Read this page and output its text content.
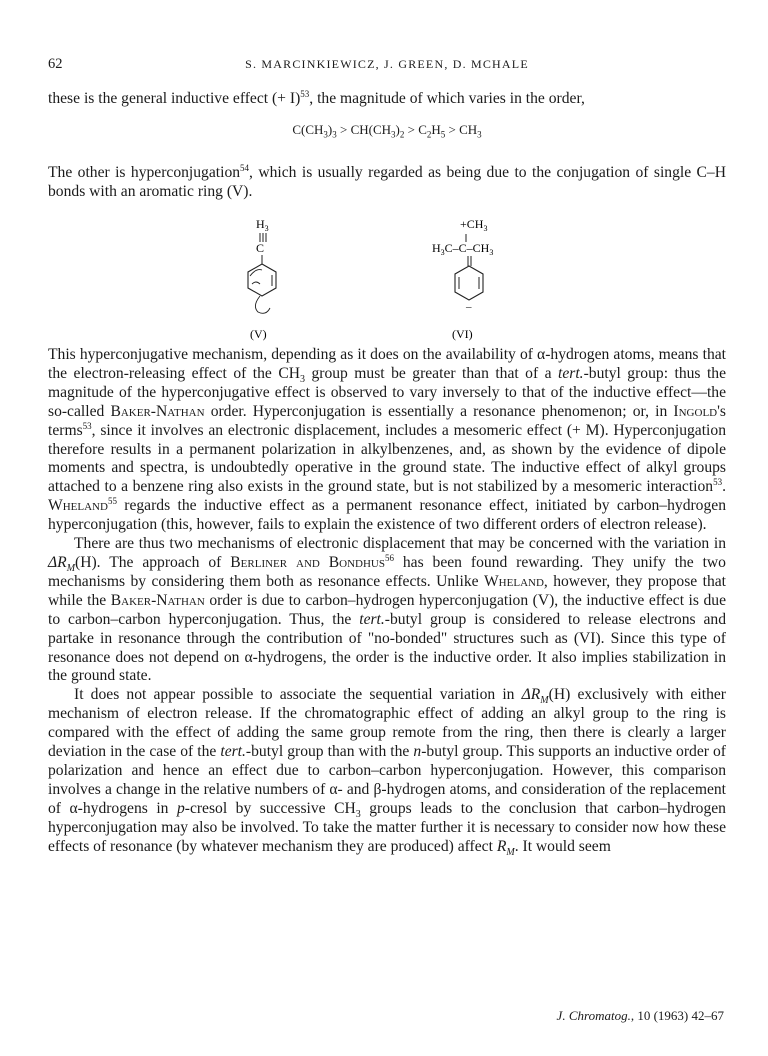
62	S. MARCINKIEWICZ, J. GREEN, D. MCHALE

these is the general inductive effect (+ I)$^{53}$, the magnitude of which varies in the order,

$C(CH_3)_3 > CH(CH_3)_2 > C_2H_5 > CH_3$

The other is hyperconjugation$^{54}$, which is usually regarded as being due to the conjugation of single C–H bonds with an aromatic ring (V).

$H_3$
C
(V)
$+CH_3$
$H_3C-C-CH_3$
–
(VI)

This hyperconjugative mechanism, depending as it does on the availability of α-hydrogen atoms, means that the electron-releasing effect of the $CH_3$ group must be greater than that of a tert.-butyl group: thus the magnitude of the hyperconjugative effect is observed to vary inversely to that of the inductive effect—the so-called Baker-Nathan order. Hyperconjugation is essentially a resonance phenomenon; or, in Ingold's terms$^{53}$, since it involves an electronic displacement, includes a mesomeric effect (+ M). Hyperconjugation therefore results in a permanent polarization in alkylbenzenes, and, as shown by the evidence of dipole moments and spectra, is undoubtedly operative in the ground state. The inductive effect of alkyl groups attached to a benzene ring also exists in the ground state, but is not stabilized by a mesomeric interaction$^{53}$. Wheland$^{55}$ regards the inductive effect as a permanent resonance effect, initiated by carbon–hydrogen hyperconjugation (this, however, fails to explain the existence of two different orders of electron release).

There are thus two mechanisms of electronic displacement that may be concerned with the variation in $\Delta R_M(H)$. The approach of Berliner and Bondhus$^{56}$ has been found rewarding. They unify the two mechanisms by considering them both as resonance effects. Unlike Wheland, however, they propose that while the Baker-Nathan order is due to carbon–hydrogen hyperconjugation (V), the inductive effect is due to carbon–carbon hyperconjugation. Thus, the tert.-butyl group is considered to release electrons and partake in resonance through the contribution of "no-bonded" structures such as (VI). Since this type of resonance does not depend on α-hydrogens, the order is the inductive order. It also implies stabilization in the ground state.

It does not appear possible to associate the sequential variation in $\Delta R_M(H)$ exclusively with either mechanism of electron release. If the chromatographic effect of adding an alkyl group to the ring is compared with the effect of adding the same group remote from the ring, then there is clearly a larger deviation in the case of the tert.-butyl group than with the n-butyl group. This supports an inductive order of polarization and hence an effect due to carbon–carbon hyperconjugation. However, this comparison involves a change in the relative numbers of α- and β-hydrogen atoms, and consideration of the replacement of α-hydrogens in p-cresol by successive $CH_3$ groups leads to the conclusion that carbon–hydrogen hyperconjugation may also be involved. To take the matter further it is necessary to consider now how these effects of resonance (by whatever mechanism they are produced) affect $R_M$. It would seem

J. Chromatog., 10 (1963) 42–67
